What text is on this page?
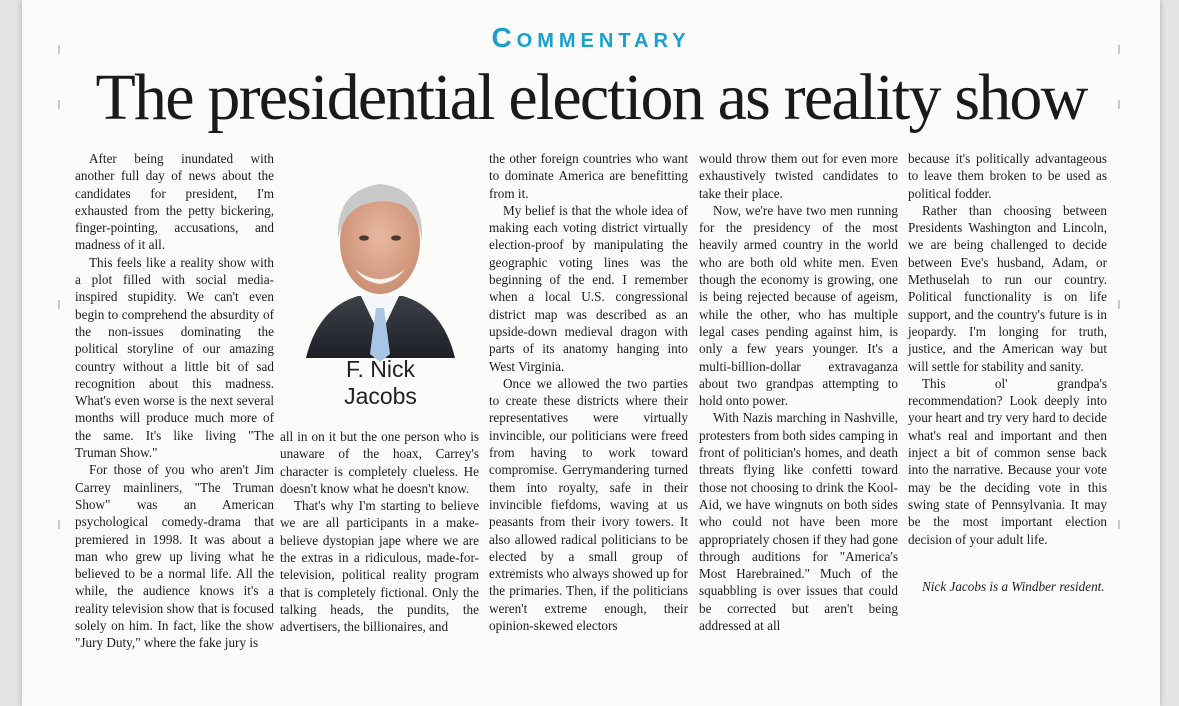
Commentary
The presidential election as reality show

After being inundated with another full day of news about the candidates for president, I'm exhausted from the petty bickering, finger-pointing, accusations, and madness of it all.

This feels like a reality show with a plot filled with social media-inspired stupidity. We can't even begin to comprehend the absurdity of the non-issues dominating the political storyline of our amazing country without a little bit of sad recognition about this madness. What's even worse is the next several months will produce much more of the same. It's like living "The Truman Show."

For those of you who aren't Jim Carrey mainliners, "The Truman Show" was an American psychological comedy-drama that premiered in 1998. It was about a man who grew up living what he believed to be a normal life. All the while, the audience knows it's a reality television show that is focused solely on him. In fact, like the show "Jury Duty," where the fake jury is

F. Nick
Jacobs

all in on it but the one person who is unaware of the hoax, Carrey's character is completely clueless. He doesn't know what he doesn't know.

That's why I'm starting to believe we are all participants in a make-believe dystopian jape where we are the extras in a ridiculous, made-for-television, political reality program that is completely fictional. Only the talking heads, the pundits, the advertisers, the billionaires, and

the other foreign countries who want to dominate America are benefitting from it.

My belief is that the whole idea of making each voting district virtually election-proof by manipulating the geographic voting lines was the beginning of the end. I remember when a local U.S. congressional district map was described as an upside-down medieval dragon with parts of its anatomy hanging into West Virginia.

Once we allowed the two parties to create these districts where their representatives were virtually invincible, our politicians were freed from having to work toward compromise. Gerrymandering turned them into royalty, safe in their invincible fiefdoms, waving at us peasants from their ivory towers. It also allowed radical politicians to be elected by a small group of extremists who always showed up for the primaries. Then, if the politicians weren't extreme enough, their opinion-skewed electors

would throw them out for even more exhaustively twisted candidates to take their place.

Now, we're have two men running for the presidency of the most heavily armed country in the world who are both old white men. Even though the economy is growing, one is being rejected because of ageism, while the other, who has multiple legal cases pending against him, is only a few years younger. It's a multi-billion-dollar extravaganza about two grandpas attempting to hold onto power.

With Nazis marching in Nashville, protesters from both sides camping in front of politician's homes, and death threats flying like confetti toward those not choosing to drink the Kool-Aid, we have wingnuts on both sides who could not have been more appropriately chosen if they had gone through auditions for "America's Most Harebrained." Much of the squabbling is over issues that could be corrected but aren't being addressed at all

because it's politically advantageous to leave them broken to be used as political fodder.

Rather than choosing between Presidents Washington and Lincoln, we are being challenged to decide between Eve's husband, Adam, or Methuselah to run our country. Political functionality is on life support, and the country's future is in jeopardy. I'm longing for truth, justice, and the American way but will settle for stability and sanity.

This ol' grandpa's recommendation? Look deeply into your heart and try very hard to decide what's real and important and then inject a bit of common sense back into the narrative. Because your vote may be the deciding vote in this swing state of Pennsylvania. It may be the most important election decision of your adult life.

Nick Jacobs is a Windber resident.
